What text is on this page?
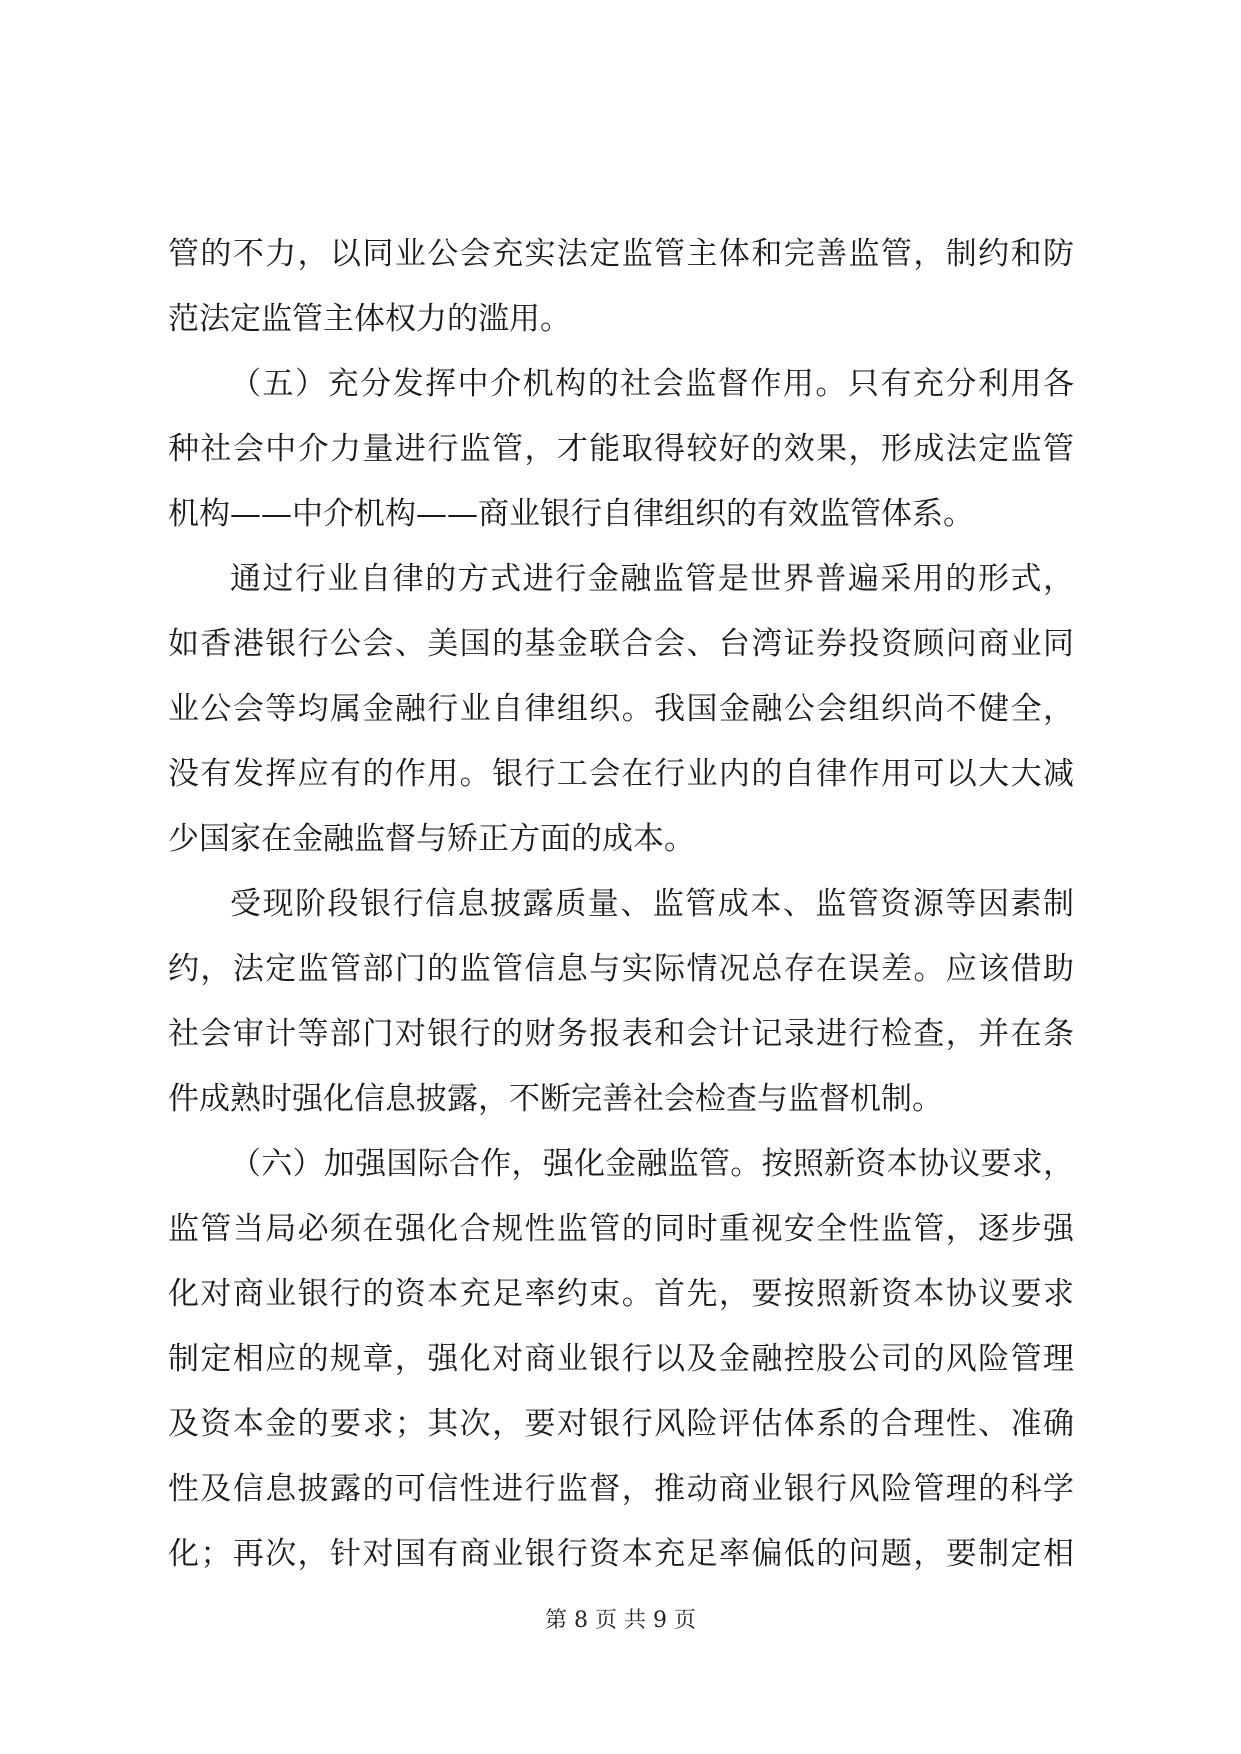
管的不力，以同业公会充实法定监管主体和完善监管，制约和防
范法定监管主体权力的滥用。
（五）充分发挥中介机构的社会监督作用。只有充分利用各
种社会中介力量进行监管，才能取得较好的效果，形成法定监管
机构——中介机构——商业银行自律组织的有效监管体系。
通过行业自律的方式进行金融监管是世界普遍采用的形式，
如香港银行公会、美国的基金联合会、台湾证券投资顾问商业同
业公会等均属金融行业自律组织。我国金融公会组织尚不健全，
没有发挥应有的作用。银行工会在行业内的自律作用可以大大减
少国家在金融监督与矫正方面的成本。
受现阶段银行信息披露质量、监管成本、监管资源等因素制
约，法定监管部门的监管信息与实际情况总存在误差。应该借助
社会审计等部门对银行的财务报表和会计记录进行检查，并在条
件成熟时强化信息披露，不断完善社会检查与监督机制。
（六）加强国际合作，强化金融监管。按照新资本协议要求，
监管当局必须在强化合规性监管的同时重视安全性监管，逐步强
化对商业银行的资本充足率约束。首先，要按照新资本协议要求
制定相应的规章，强化对商业银行以及金融控股公司的风险管理
及资本金的要求；其次，要对银行风险评估体系的合理性、准确
性及信息披露的可信性进行监督，推动商业银行风险管理的科学
化；再次，针对国有商业银行资本充足率偏低的问题，要制定相
第 8 页 共 9 页
